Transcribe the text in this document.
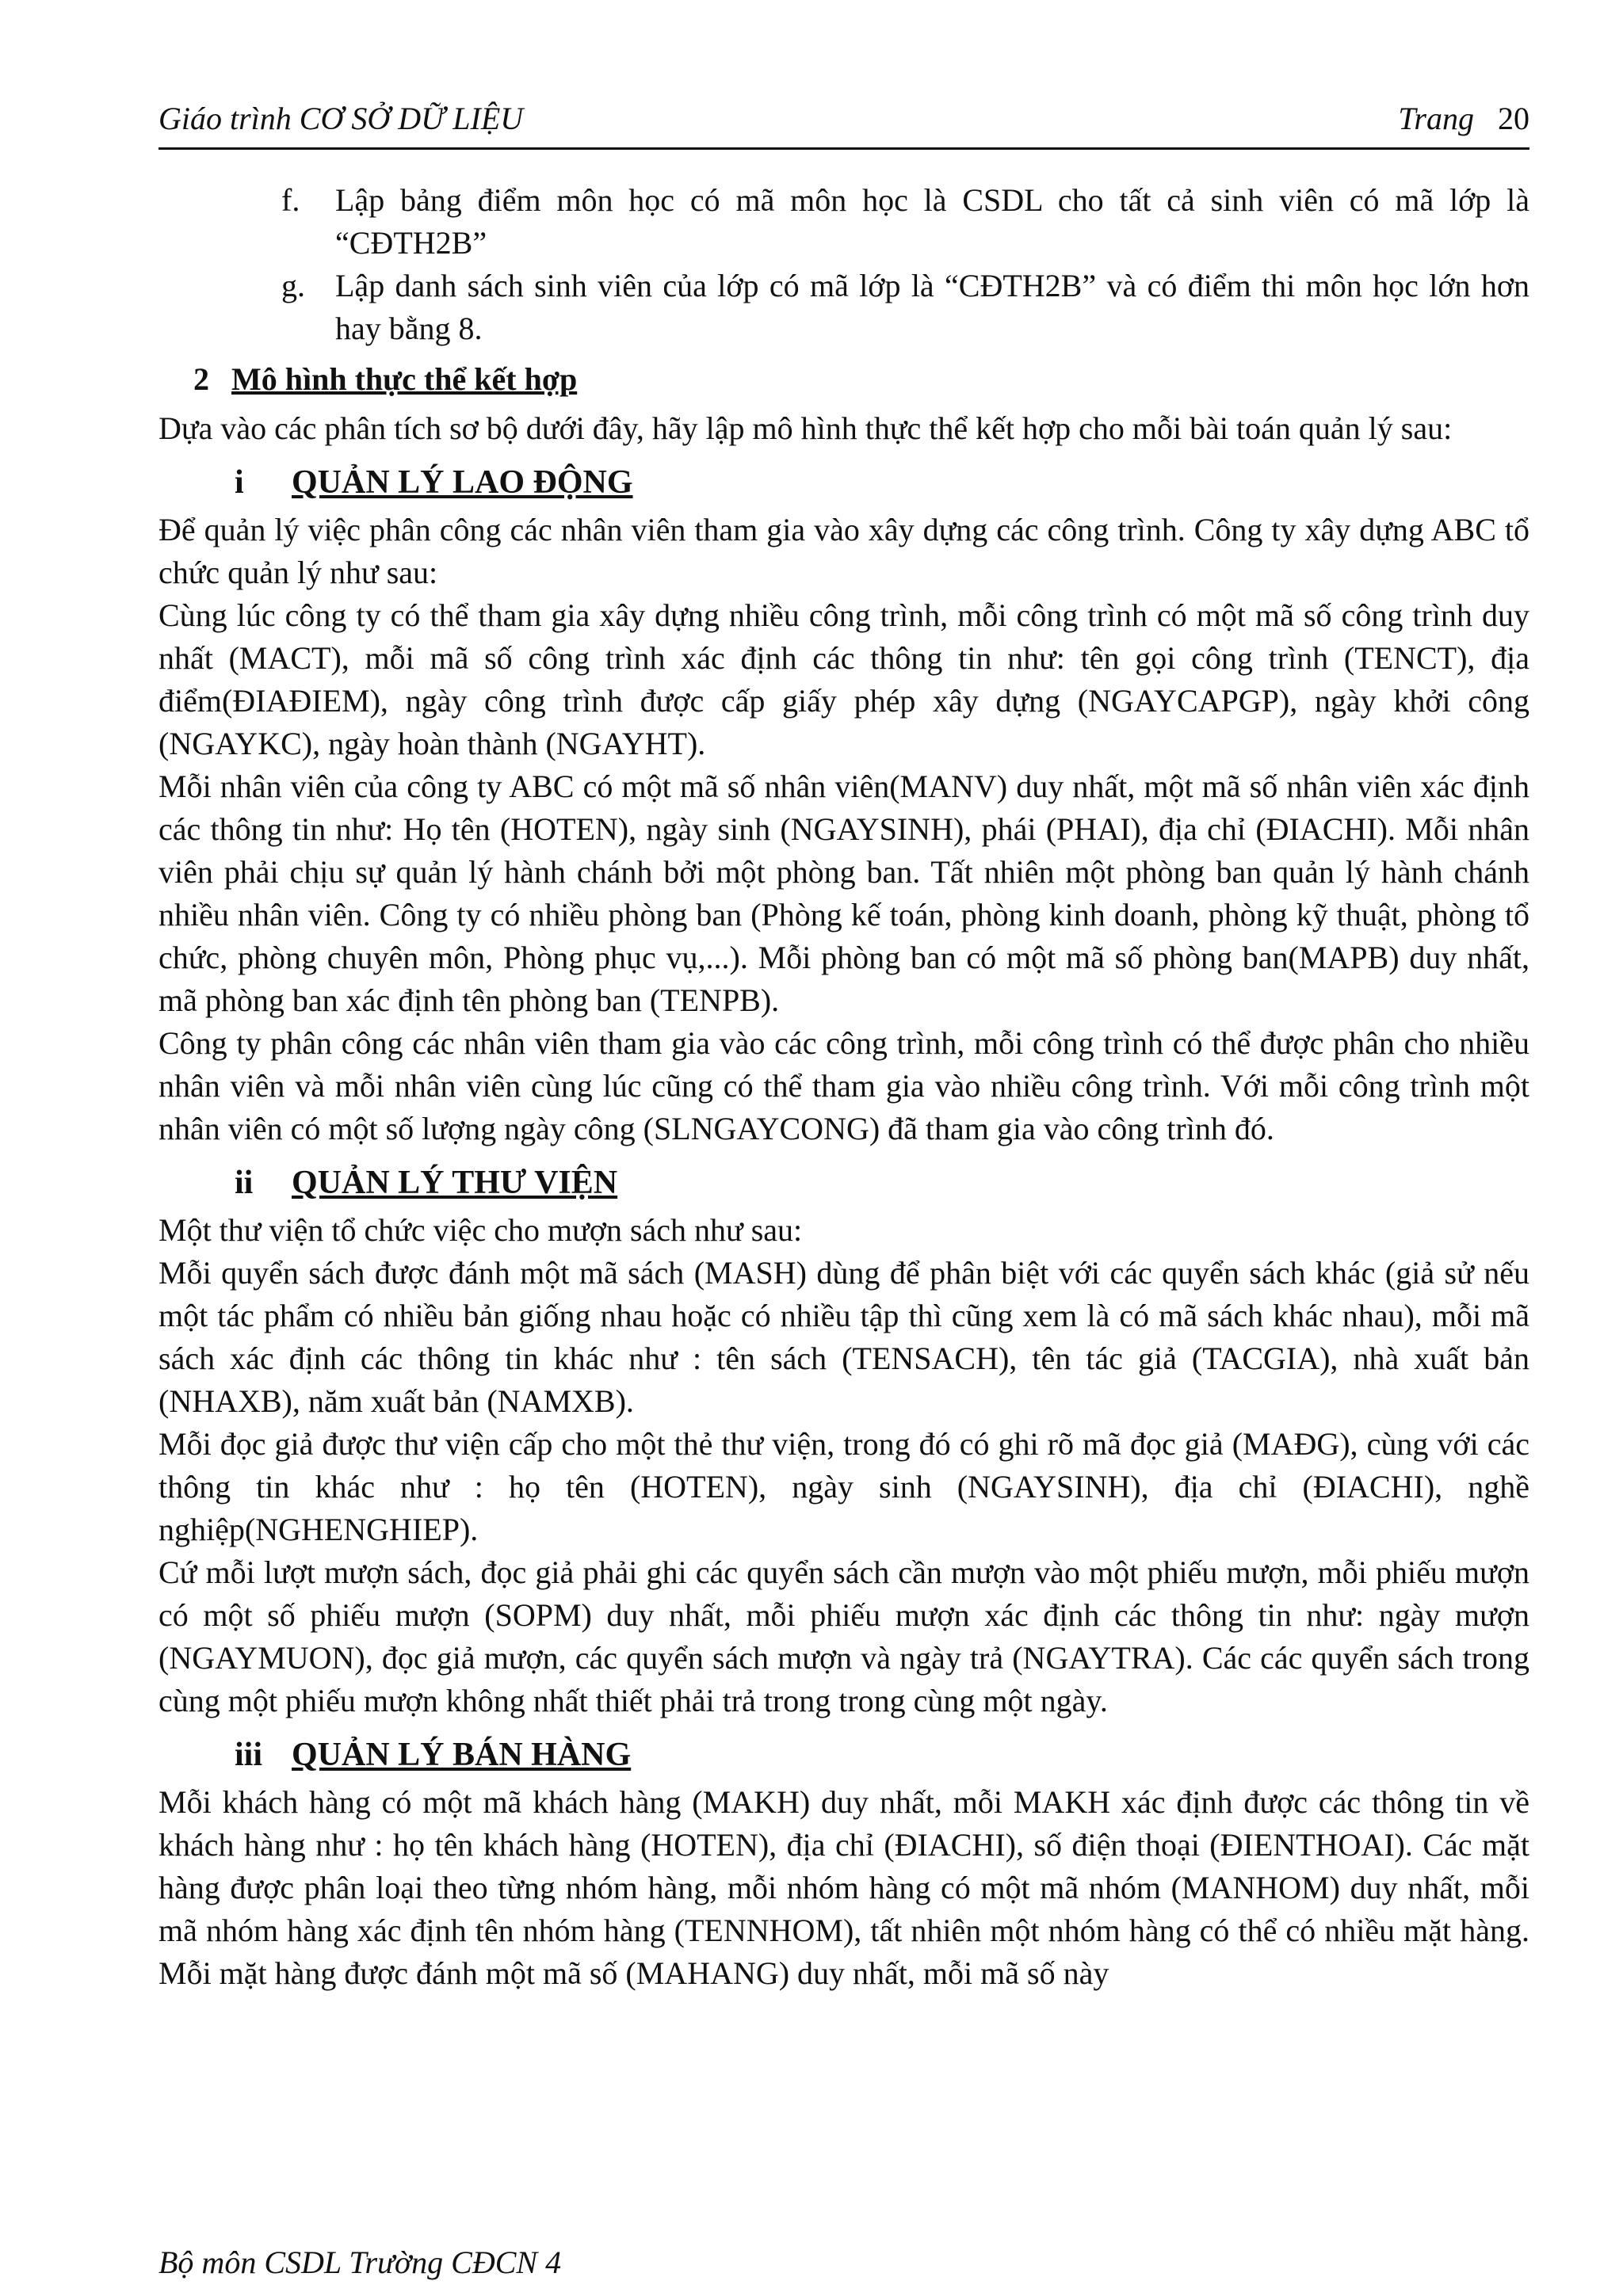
Giáo trình CƠ SỞ DỮ LIỆU	Trang 20
f.	Lập bảng điểm môn học có mã môn học là CSDL cho tất cả sinh viên có mã lớp là “CĐTH2B”
g. Lập danh sách sinh viên của lớp có mã lớp là “CĐTH2B” và có điểm thi môn học lớn hơn hay bằng 8.
2 Mô hình thực thể kết hợp

Dựa vào các phân tích sơ bộ dưới đây, hãy lập mô hình thực thể kết hợp cho mỗi bài toán quản lý sau:

i QUẢN LÝ LAO ĐỘNG

Để quản lý việc phân công các nhân viên tham gia vào xây dựng các công trình. Công ty xây dựng ABC tổ chức quản lý như sau:

Cùng lúc công ty có thể tham gia xây dựng nhiều công trình, mỗi công trình có một mã số công trình duy nhất (MACT), mỗi mã số công trình xác định các thông tin như: tên gọi công trình (TENCT), địa điểm(ĐIAĐIEM), ngày công trình được cấp giấy phép xây dựng (NGAYCAPGP), ngày khởi công (NGAYKC), ngày hoàn thành (NGAYHT).

Mỗi nhân viên của công ty ABC có một mã số nhân viên(MANV) duy nhất, một mã số nhân viên xác định các thông tin như: Họ tên (HOTEN), ngày sinh (NGAYSINH), phái (PHAI), địa chỉ (ĐIACHI). Mỗi nhân viên phải chịu sự quản lý hành chánh bởi một phòng ban. Tất nhiên một phòng ban quản lý hành chánh nhiều nhân viên. Công ty có nhiều phòng ban (Phòng kế toán, phòng kinh doanh, phòng kỹ thuật, phòng tổ chức, phòng chuyên môn, Phòng phục vụ,...). Mỗi phòng ban có một mã số phòng ban(MAPB) duy nhất, mã phòng ban xác định tên phòng ban (TENPB).

Công ty phân công các nhân viên tham gia vào các công trình, mỗi công trình có thể được phân cho nhiều nhân viên và mỗi nhân viên cùng lúc cũng có thể tham gia vào nhiều công trình. Với mỗi công trình một nhân viên có một số lượng ngày công (SLNGAYCONG) đã tham gia vào công trình đó.

ii QUẢN LÝ THƯ VIỆN

Một thư viện tổ chức việc cho mượn sách như sau:

Mỗi quyển sách được đánh một mã sách (MASH) dùng để phân biệt với các quyển sách khác (giả sử nếu một tác phẩm có nhiều bản giống nhau hoặc có nhiều tập thì cũng xem là có mã sách khác nhau), mỗi mã sách xác định các thông tin khác như : tên sách (TENSACH), tên tác giả (TACGIA), nhà xuất bản (NHAXB), năm xuất bản (NAMXB).

Mỗi đọc giả được thư viện cấp cho một thẻ thư viện, trong đó có ghi rõ mã đọc giả (MAĐG), cùng với các thông tin khác như : họ tên (HOTEN), ngày sinh (NGAYSINH), địa chỉ (ĐIACHI), nghề nghiệp(NGHENGHIEP).

Cứ mỗi lượt mượn sách, đọc giả phải ghi các quyển sách cần mượn vào một phiếu mượn, mỗi phiếu mượn có một số phiếu mượn (SOPM) duy nhất, mỗi phiếu mượn xác định các thông tin như: ngày mượn (NGAYMUON), đọc giả mượn, các quyển sách mượn và ngày trả (NGAYTRA). Các các quyển sách trong cùng một phiếu mượn không nhất thiết phải trả trong trong cùng một ngày.

iii QUẢN LÝ BÁN HÀNG

Mỗi khách hàng có một mã khách hàng (MAKH) duy nhất, mỗi MAKH xác định được các thông tin về khách hàng như : họ tên khách hàng (HOTEN), địa chỉ (ĐIACHI), số điện thoại (ĐIENTHOAI). Các mặt hàng được phân loại theo từng nhóm hàng, mỗi nhóm hàng có một mã nhóm (MANHOM) duy nhất, mỗi mã nhóm hàng xác định tên nhóm hàng (TENNHOM), tất nhiên một nhóm hàng có thể có nhiều mặt hàng. Mỗi mặt hàng được đánh một mã số (MAHANG) duy nhất, mỗi mã số này

Bộ môn CSDL Trường CĐCN 4
